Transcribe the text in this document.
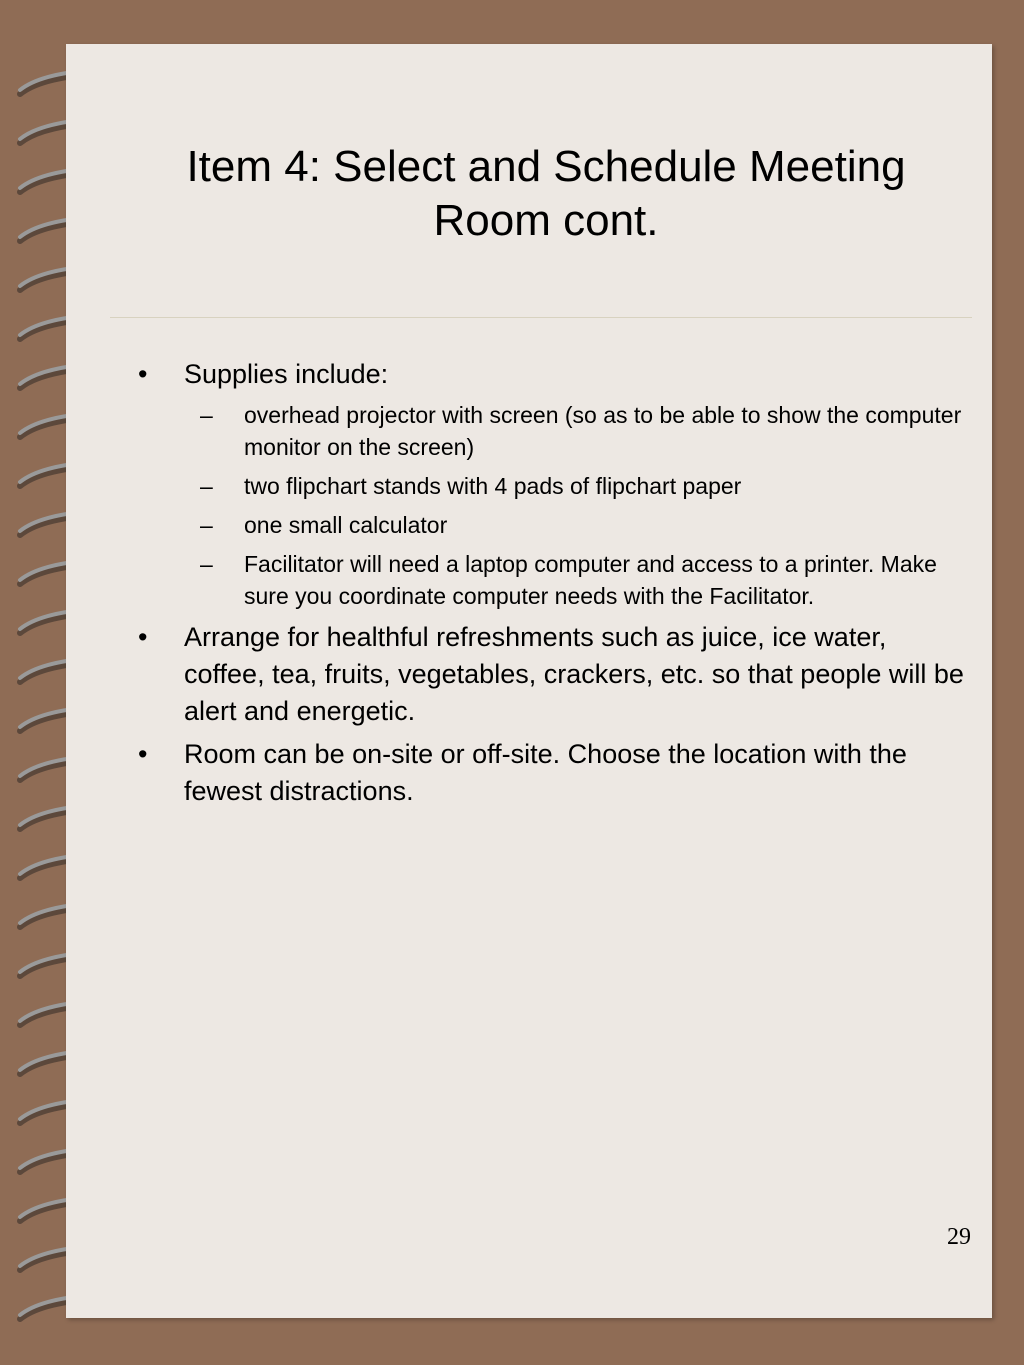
Item 4: Select and Schedule Meeting
Room cont.
• Supplies include:
– overhead projector with screen (so as to be able to show the computer monitor on the screen)
– two flipchart stands with 4 pads of flipchart paper
– one small calculator
– Facilitator will need a laptop computer and access to a printer. Make sure you coordinate computer needs with the Facilitator.
• Arrange for healthful refreshments such as juice, ice water, coffee, tea, fruits, vegetables, crackers, etc. so that people will be alert and energetic.
• Room can be on-site or off-site. Choose the location with the fewest distractions.
29
